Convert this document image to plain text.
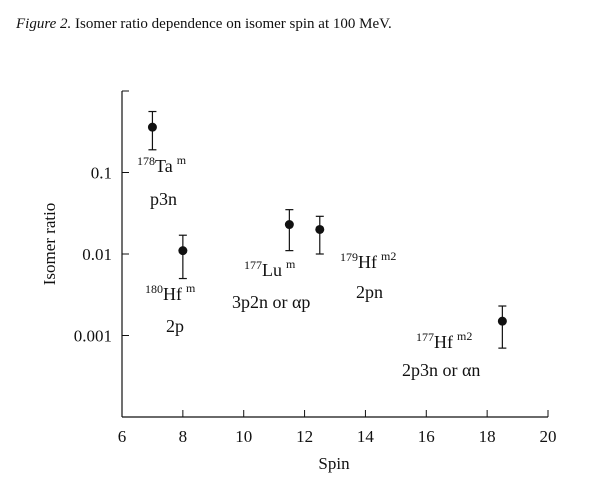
Figure 2. Isomer ratio dependence on isomer spin at 100 MeV.
6	8	10	12	14	16	18	20
0.1
0.01
0.001
$^{178}$Ta $^m$
p3n
$^{180}$Hf $^m$
2p
$^{177}$Lu $^m$
3p2n or αp
$^{179}$Hf $^{m2}$
2pn
$^{177}$Hf $^{m2}$
2p3n or αn
Spin
Isomer ratio
